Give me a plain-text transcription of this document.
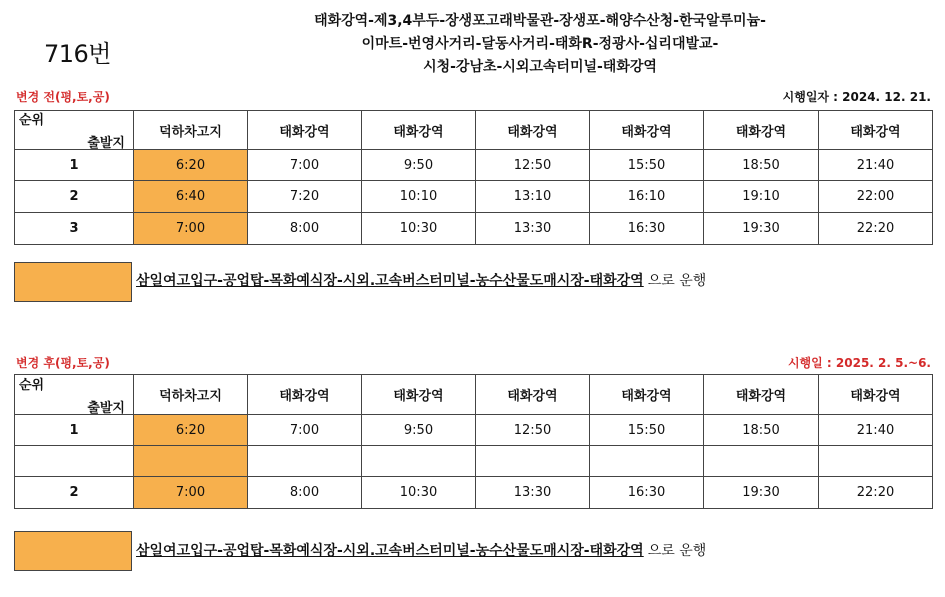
716번
태화강역-제3,4부두-장생포고래박물관-장생포-해양수산청-한국알루미늄-
이마트-번영사거리-달동사거리-태화R-정광사-십리대발교-
시청-강남초-시외고속터미널-태화강역
변경 전(평,토,공)	시행일자 : 2024. 12. 21.
출발지
순위	덕하차고지	태화강역	태화강역	태화강역	태화강역	태화강역	태화강역
1	6:20	7:00	9:50	12:50	15:50	18:50	21:40
2	6:40	7:20	10:10	13:10	16:10	19:10	22:00
3	7:00	8:00	10:30	13:30	16:30	19:30	22:20
삼일여고입구-공업탑-목화예식장-시외.고속버스터미널-농수산물도매시장-태화강역 으로 운행
변경 후(평,토,공)	시행일 : 2025. 2. 5.~6.
출발지
순위	덕하차고지	태화강역	태화강역	태화강역	태화강역	태화강역	태화강역
1	6:20	7:00	9:50	12:50	15:50	18:50	21:40

2	7:00	8:00	10:30	13:30	16:30	19:30	22:20
삼일여고입구-공업탑-목화예식장-시외.고속버스터미널-농수산물도매시장-태화강역 으로 운행
